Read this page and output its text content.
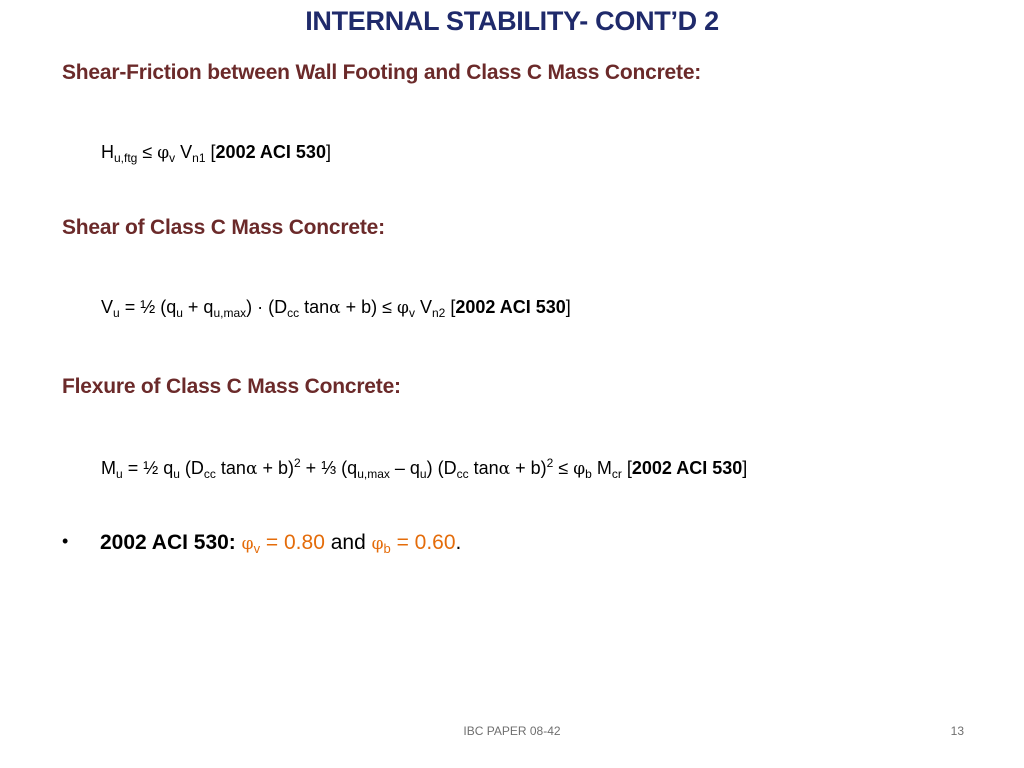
INTERNAL STABILITY- CONT’D 2
Shear-Friction between Wall Footing and Class C Mass Concrete:
$H_{u,ftg} \le \varphi_v$ $V_{n1}$ [2002 ACI 530]
Shear of Class C Mass Concrete:
$V_u$ = ½ $(q_u + q_{u,max}) \cdot (D_{cc}$ $\tan\alpha + b) \le \varphi_v$ $V_{n2}$ [2002 ACI 530]
Flexure of Class C Mass Concrete:
$M_u$ = ½ $q_u$ ($D_{cc}$ tanα + b)$^2$ + ⅓ $(q_{u,max} - q_u)$ ($D_{cc}$ $\tan\alpha + b)^2 \le \varphi_b$ $M_{cr}$ [2002 ACI 530]
• 2002 ACI 530: $\varphi_v = 0.80$ and $\varphi_b = 0.60$.
IBC PAPER 08-42	13
